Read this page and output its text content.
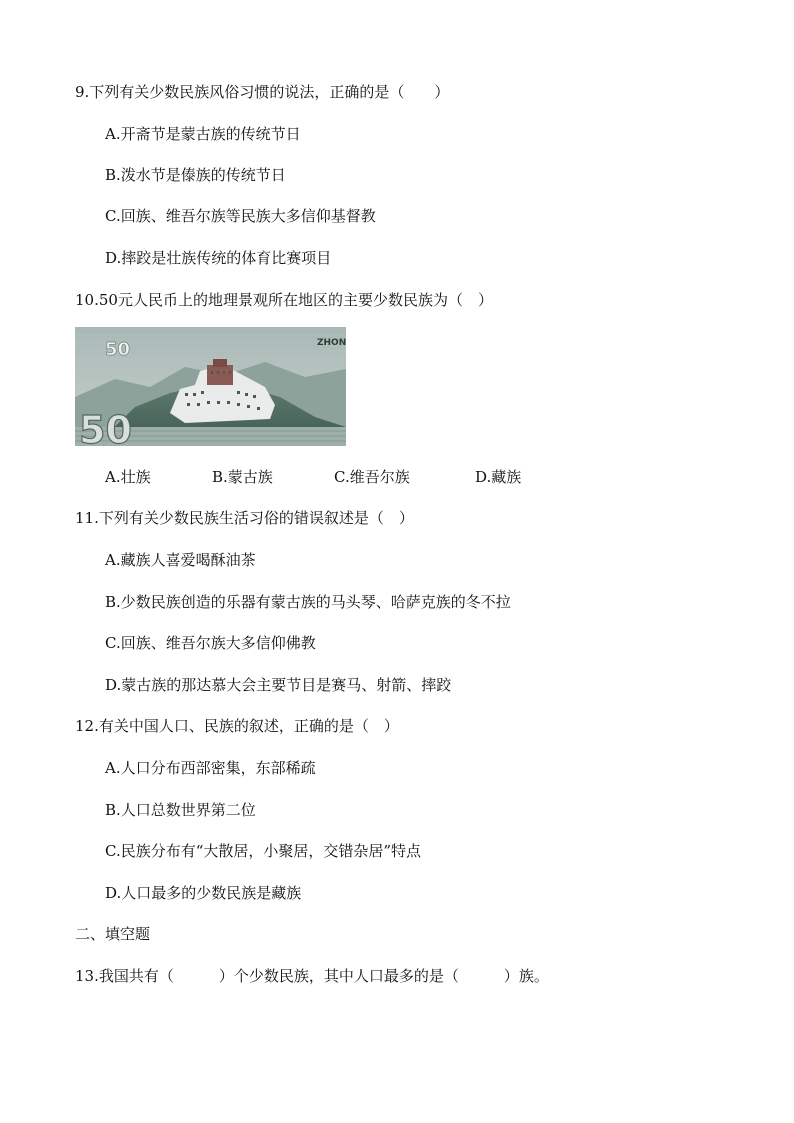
9.下列有关少数民族风俗习惯的说法，正确的是（　　）
A.开斋节是蒙古族的传统节日
B.泼水节是傣族的传统节日
C.回族、维吾尔族等民族大多信仰基督教
D.摔跤是壮族传统的体育比赛项目
10.50元人民币上的地理景观所在地区的主要少数民族为（　）
50
50
ZHON
A.壮族	B.蒙古族	C.维吾尔族	D.藏族
11.下列有关少数民族生活习俗的错误叙述是（　）
A.藏族人喜爱喝酥油茶
B.少数民族创造的乐器有蒙古族的马头琴、哈萨克族的冬不拉
C.回族、维吾尔族大多信仰佛教
D.蒙古族的那达慕大会主要节目是赛马、射箭、摔跤
12.有关中国人口、民族的叙述，正确的是（　）
A.人口分布西部密集，东部稀疏
B.人口总数世界第二位
C.民族分布有“大散居，小聚居，交错杂居”特点
D.人口最多的少数民族是藏族
二、填空题
13.我国共有（　　　）个少数民族，其中人口最多的是（　　　）族。
